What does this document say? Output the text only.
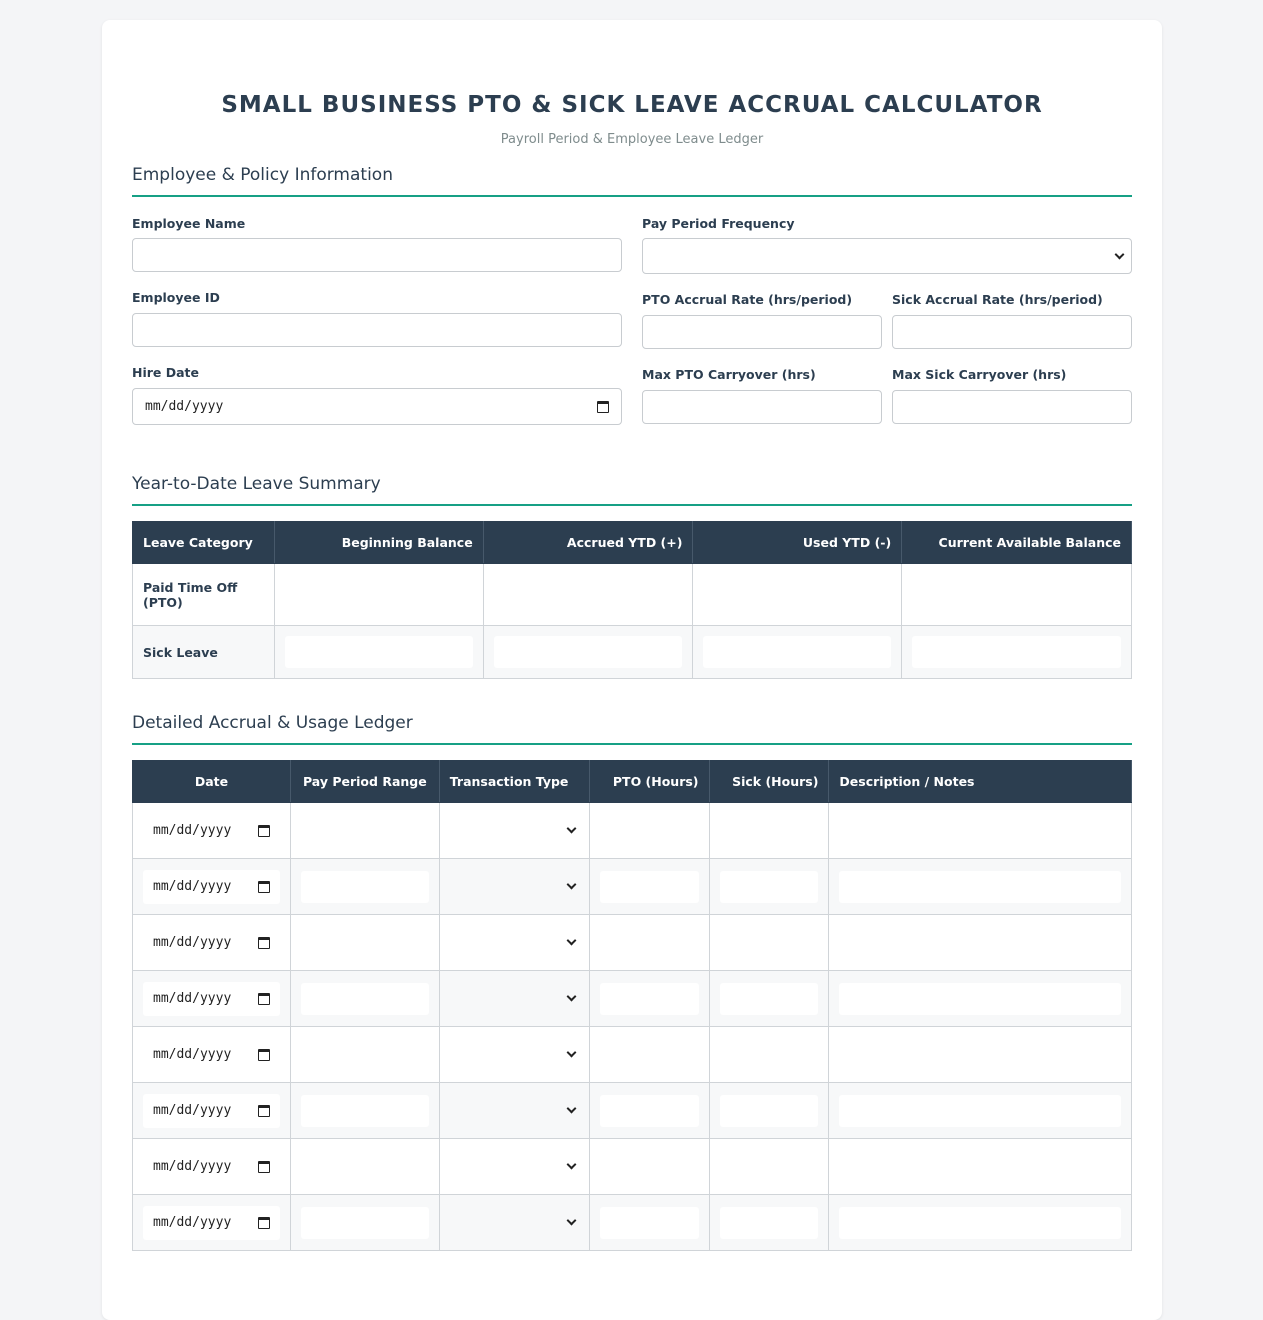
SMALL BUSINESS PTO & SICK LEAVE ACCRUAL CALCULATOR
Payroll Period & Employee Leave Ledger
Employee & Policy Information
Employee Name
Employee ID
Hire Date
mm/dd/yyyy
Pay Period Frequency
PTO Accrual Rate (hrs/period)	Sick Accrual Rate (hrs/period)
Max PTO Carryover (hrs)	Max Sick Carryover (hrs)
Year-to-Date Leave Summary
Leave Category	Beginning Balance	Accrued YTD (+)	Used YTD (-)	Current Available Balance
Paid Time Off (PTO)				
Sick Leave	

Detailed Accrual & Usage Ledger
Date	Pay Period Range	Transaction Type	PTO (Hours)	Sick (Hours)	Description / Notes

mm/dd/yyyy					

mm/dd/yyyy					

mm/dd/yyyy					

mm/dd/yyyy					

mm/dd/yyyy					

mm/dd/yyyy					

mm/dd/yyyy					

mm/dd/yyyy					
